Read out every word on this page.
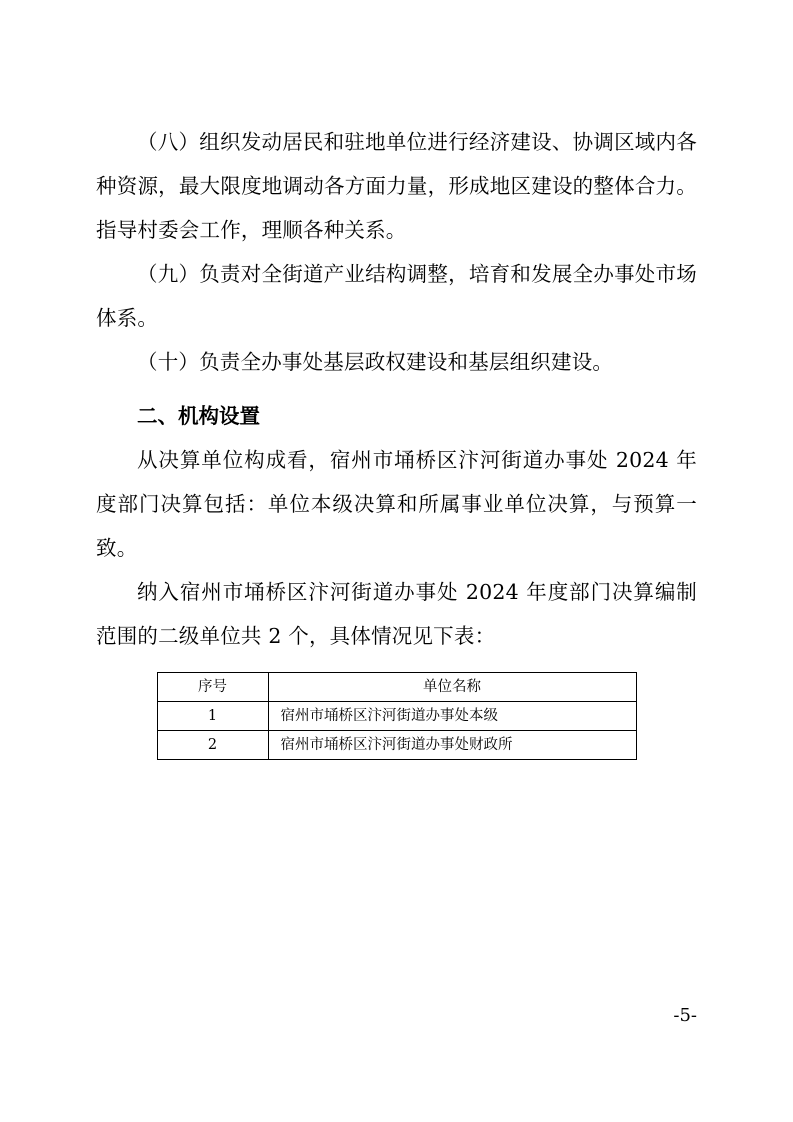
（八）组织发动居民和驻地单位进行经济建设、协调区域内各种资源，最大限度地调动各方面力量，形成地区建设的整体合力。指导村委会工作，理顺各种关系。

（九）负责对全街道产业结构调整，培育和发展全办事处市场体系。

（十）负责全办事处基层政权建设和基层组织建设。

二、机构设置

从决算单位构成看，宿州市埇桥区汴河街道办事处 2024 年度部门决算包括：单位本级决算和所属事业单位决算，与预算一致。

纳入宿州市埇桥区汴河街道办事处 2024 年度部门决算编制范围的二级单位共 2 个，具体情况见下表：

序号	单位名称
1	宿州市埇桥区汴河街道办事处本级
2	宿州市埇桥区汴河街道办事处财政所
-5-
